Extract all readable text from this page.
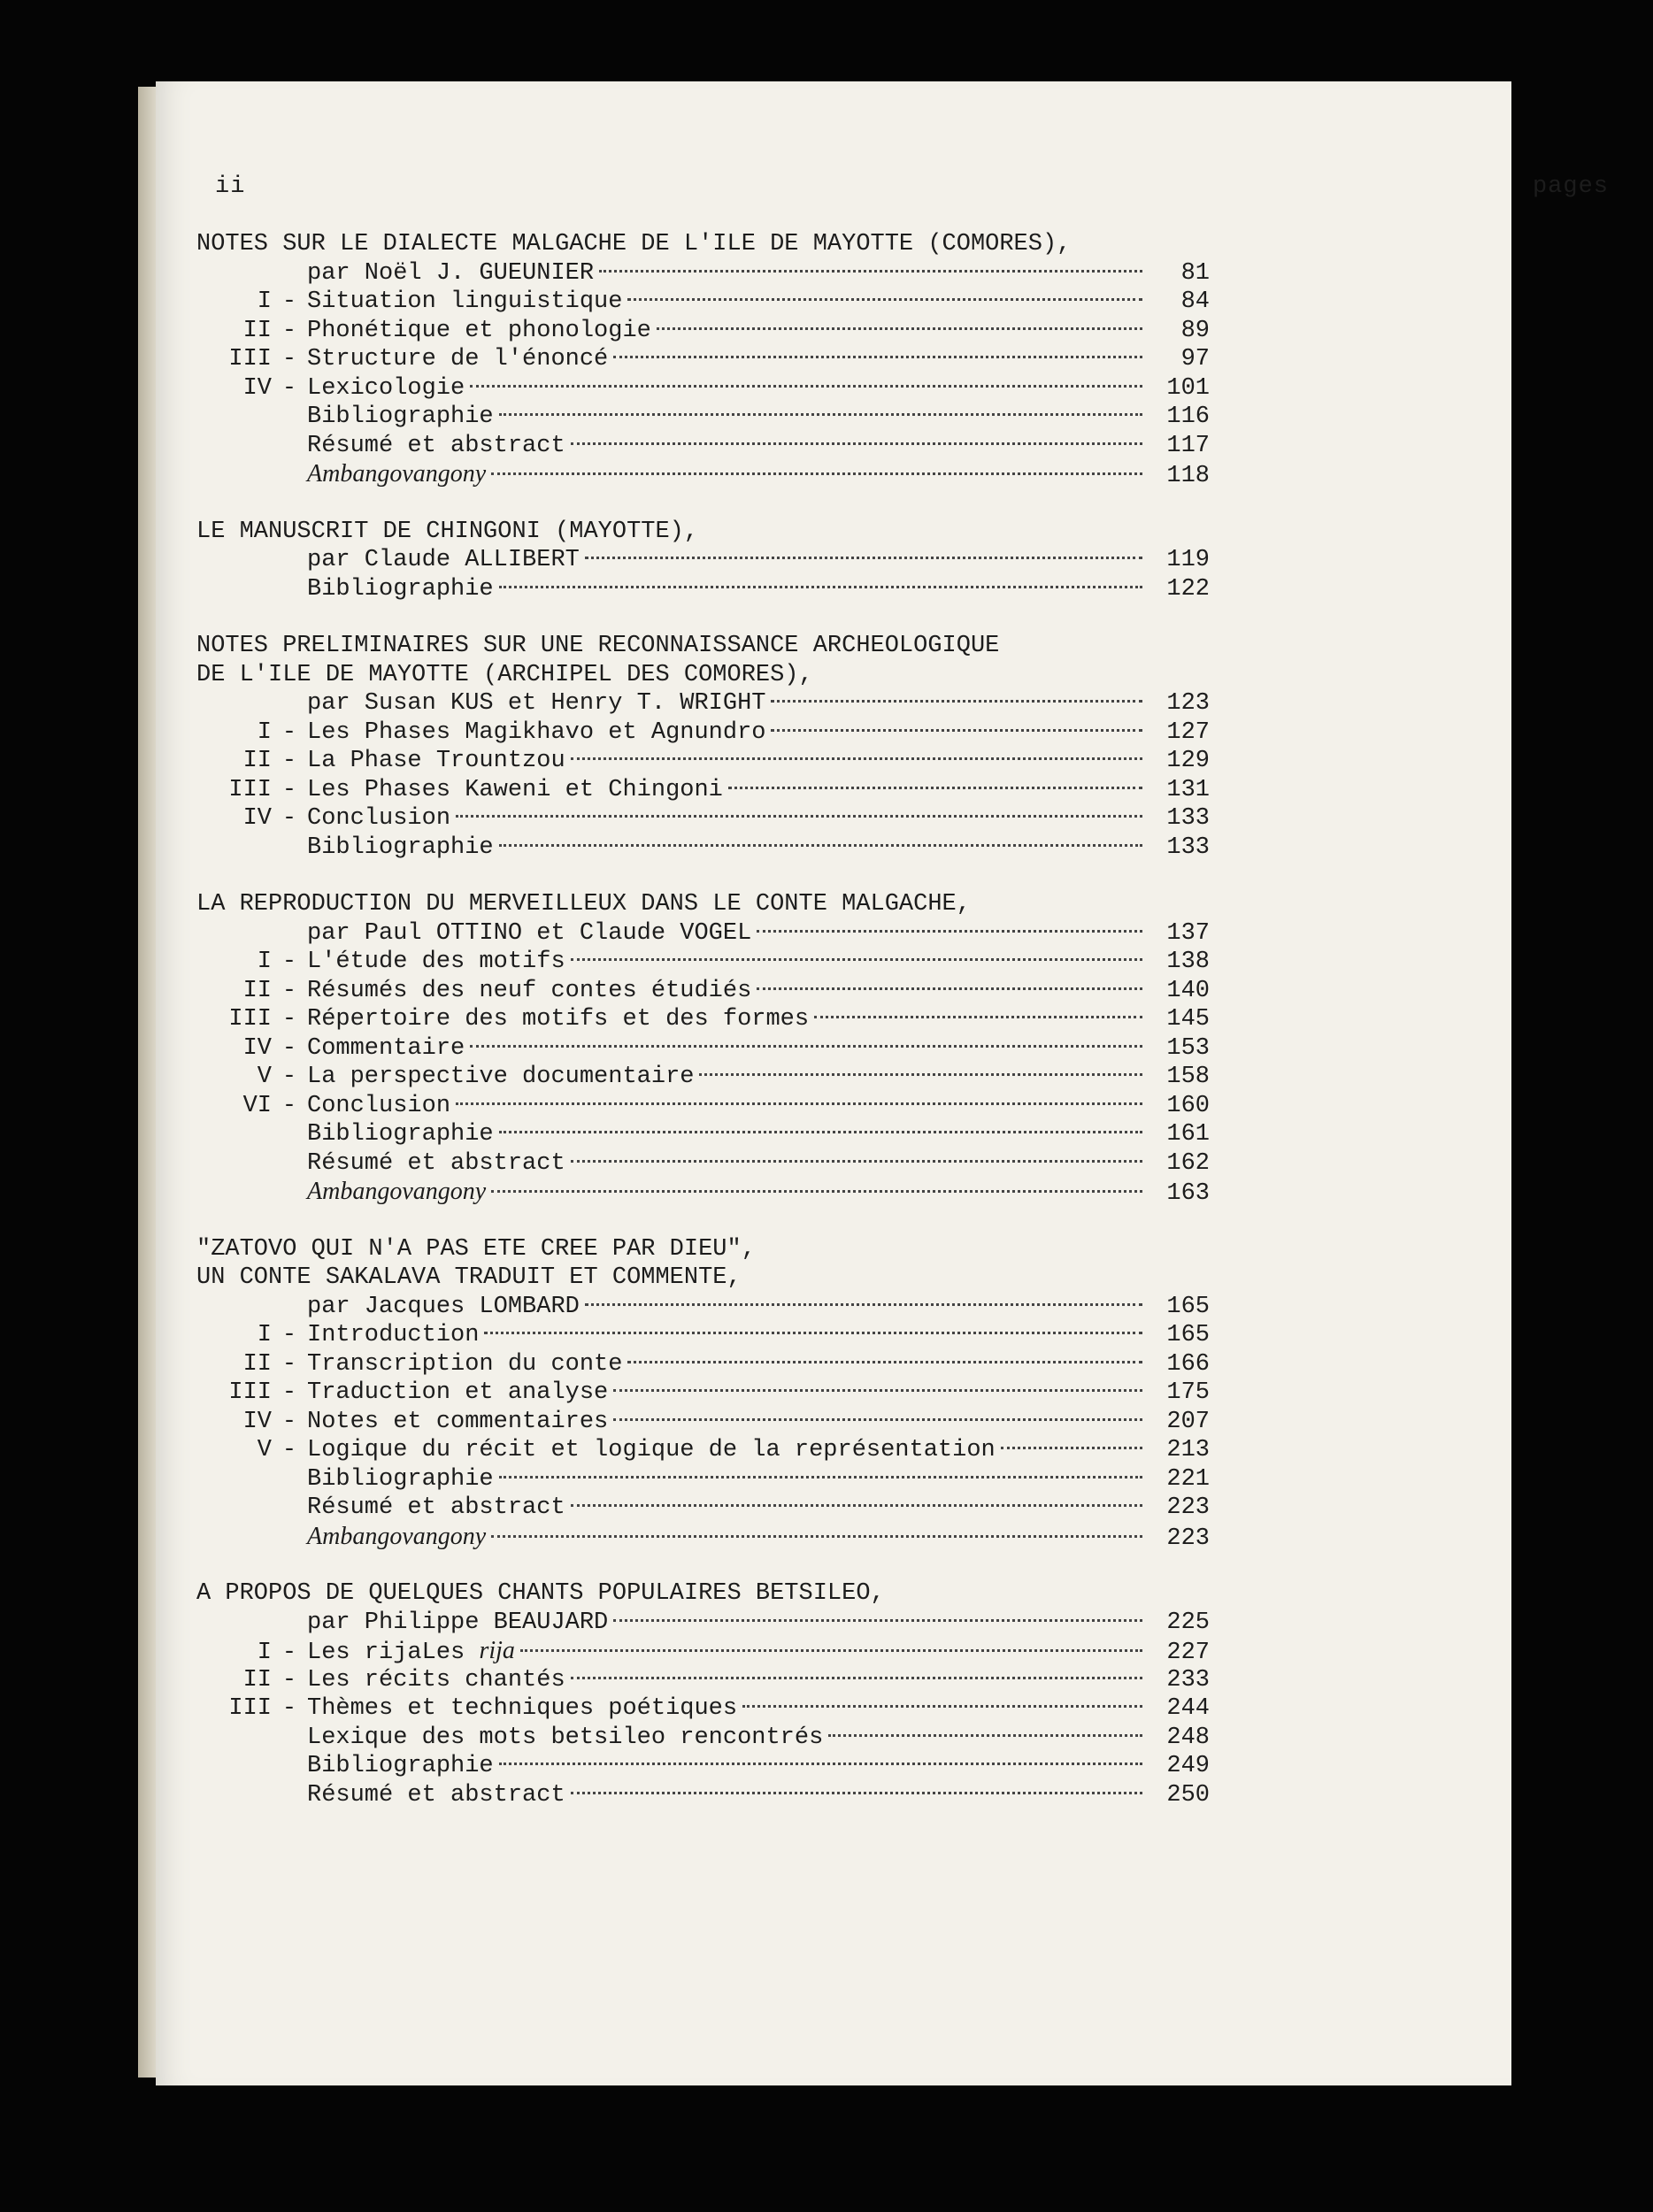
ii	pages
NOTES SUR LE DIALECTE MALGACHE DE L'ILE DE MAYOTTE (COMORES),
par Noël J. GUEUNIER	81
I - Situation linguistique	84
II - Phonétique et phonologie	89
III - Structure de l'énoncé	97
IV - Lexicologie	101
Bibliographie	116
Résumé et abstract	117
Ambangovangony	118
LE MANUSCRIT DE CHINGONI (MAYOTTE),
par Claude ALLIBERT	119
Bibliographie	122
NOTES PRELIMINAIRES SUR UNE RECONNAISSANCE ARCHEOLOGIQUE
DE L'ILE DE MAYOTTE (ARCHIPEL DES COMORES),
par Susan KUS et Henry T. WRIGHT	123
I - Les Phases Magikhavo et Agnundro	127
II - La Phase Trountzou	129
III - Les Phases Kaweni et Chingoni	131
IV - Conclusion	133
Bibliographie	133
LA REPRODUCTION DU MERVEILLEUX DANS LE CONTE MALGACHE,
par Paul OTTINO et Claude VOGEL	137
I - L'étude des motifs	138
II - Résumés des neuf contes étudiés	140
III - Répertoire des motifs et des formes	145
IV - Commentaire	153
V - La perspective documentaire	158
VI - Conclusion	160
Bibliographie	161
Résumé et abstract	162
Ambangovangony	163
"ZATOVO QUI N'A PAS ETE CREE PAR DIEU",
UN CONTE SAKALAVA TRADUIT ET COMMENTE,
par Jacques LOMBARD	165
I - Introduction	165
II - Transcription du conte	166
III - Traduction et analyse	175
IV - Notes et commentaires	207
V - Logique du récit et logique de la représentation	213
Bibliographie	221
Résumé et abstract	223
Ambangovangony	223
A PROPOS DE QUELQUES CHANTS POPULAIRES BETSILEO,
par Philippe BEAUJARD	225
I - Les rijaLes rija	227
II - Les récits chantés	233
III - Thèmes et techniques poétiques	244
Lexique des mots betsileo rencontrés	248
Bibliographie	249
Résumé et abstract	250
